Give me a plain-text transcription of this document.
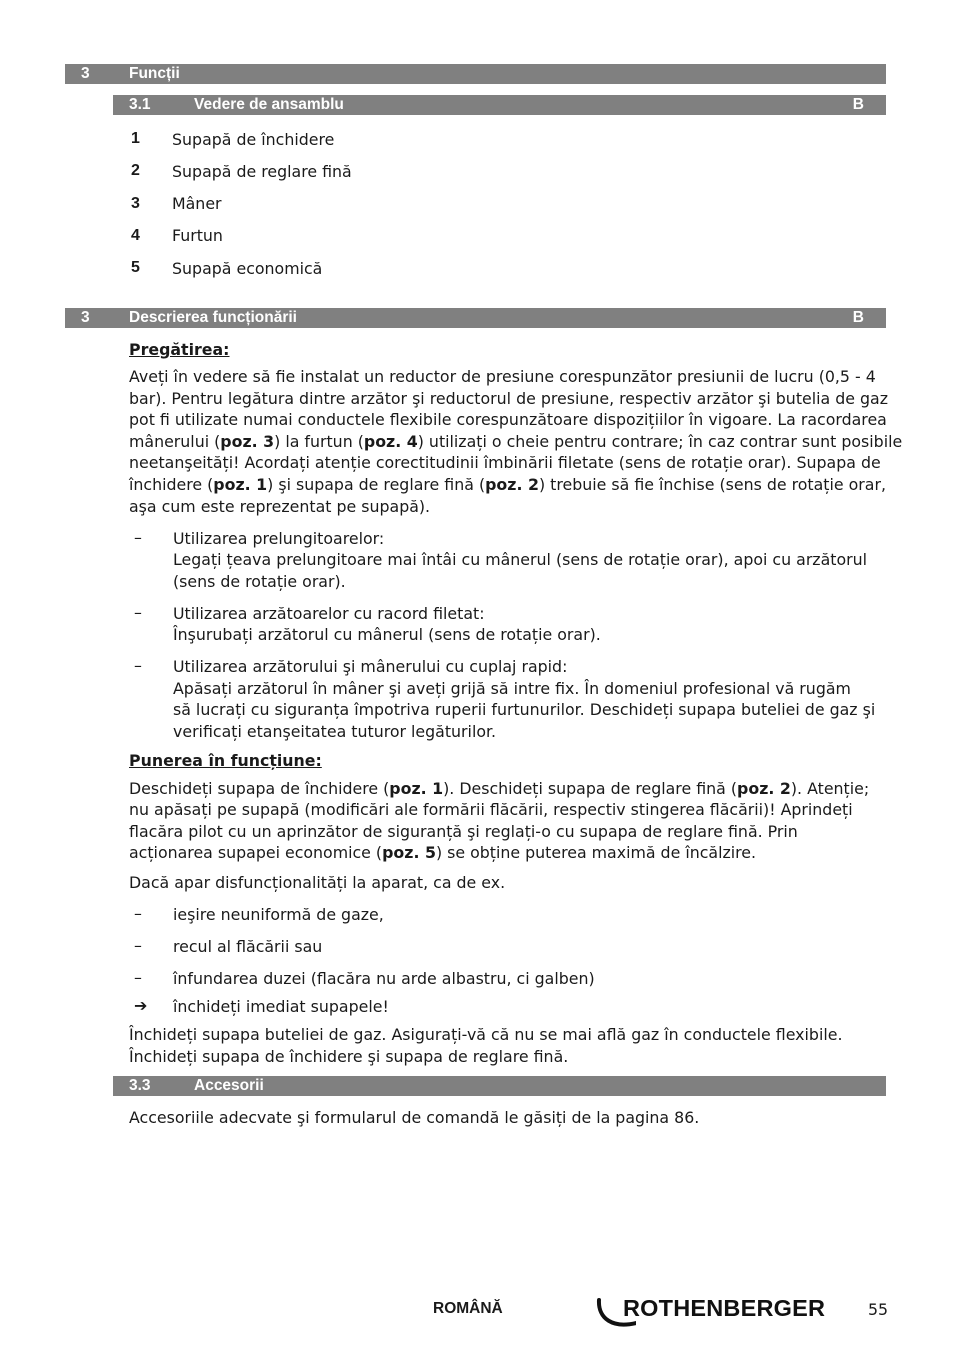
3	Funcții
3.1	Vedere de ansamblu	B
1 Supapă de închidere
2 Supapă de reglare fină
3 Mâner
4 Furtun
5 Supapă economică
3	Descrierea funcționării	B
Pregătirea:
Aveți în vedere să fie instalat un reductor de presiune corespunzător presiunii de lucru (0,5 - 4
bar). Pentru legătura dintre arzător şi reductorul de presiune, respectiv arzător şi butelia de gaz
pot fi utilizate numai conductele flexibile corespunzătoare dispozițiilor în vigoare. La racordarea
mânerului (poz. 3) la furtun (poz. 4) utilizați o cheie pentru contrare; în caz contrar sunt posibile
neetanşeități! Acordați atenție corectitudinii îmbinării filetate (sens de rotație orar). Supapa de
închidere (poz. 1) şi supapa de reglare fină (poz. 2) trebuie să fie închise (sens de rotație orar,
aşa cum este reprezentat pe supapă).
– Utilizarea prelungitoarelor:
Legați țeava prelungitoare mai întâi cu mânerul (sens de rotație orar), apoi cu arzătorul
(sens de rotație orar).
– Utilizarea arzătoarelor cu racord filetat:
Înşurubați arzătorul cu mânerul (sens de rotație orar).
– Utilizarea arzătorului şi mânerului cu cuplaj rapid:
Apăsați arzătorul în mâner şi aveți grijă să intre fix. În domeniul profesional vă rugăm
să lucrați cu siguranța împotriva ruperii furtunurilor. Deschideți supapa buteliei de gaz şi
verificați etanşeitatea tuturor legăturilor.
Punerea în funcțiune:
Deschideți supapa de închidere (poz. 1). Deschideți supapa de reglare fină (poz. 2). Atenție;
nu apăsați pe supapă (modificări ale formării flăcării, respectiv stingerea flăcării)! Aprindeți
flacăra pilot cu un aprinzător de siguranță şi reglați-o cu supapa de reglare fină. Prin
acționarea supapei economice (poz. 5) se obține puterea maximă de încălzire.
Dacă apar disfuncționalități la aparat, ca de ex.
– ieşire neuniformă de gaze,
– recul al flăcării sau
– înfundarea duzei (flacăra nu arde albastru, ci galben)
➔ închideți imediat supapele!
Închideți supapa buteliei de gaz. Asigurați-vă că nu se mai află gaz în conductele flexibile.
Închideți supapa de închidere şi supapa de reglare fină.
3.3	Accesorii
Accesoriile adecvate şi formularul de comandă le găsiți de la pagina 86.
ROMÂNĂ	ROTHENBERGER	55
